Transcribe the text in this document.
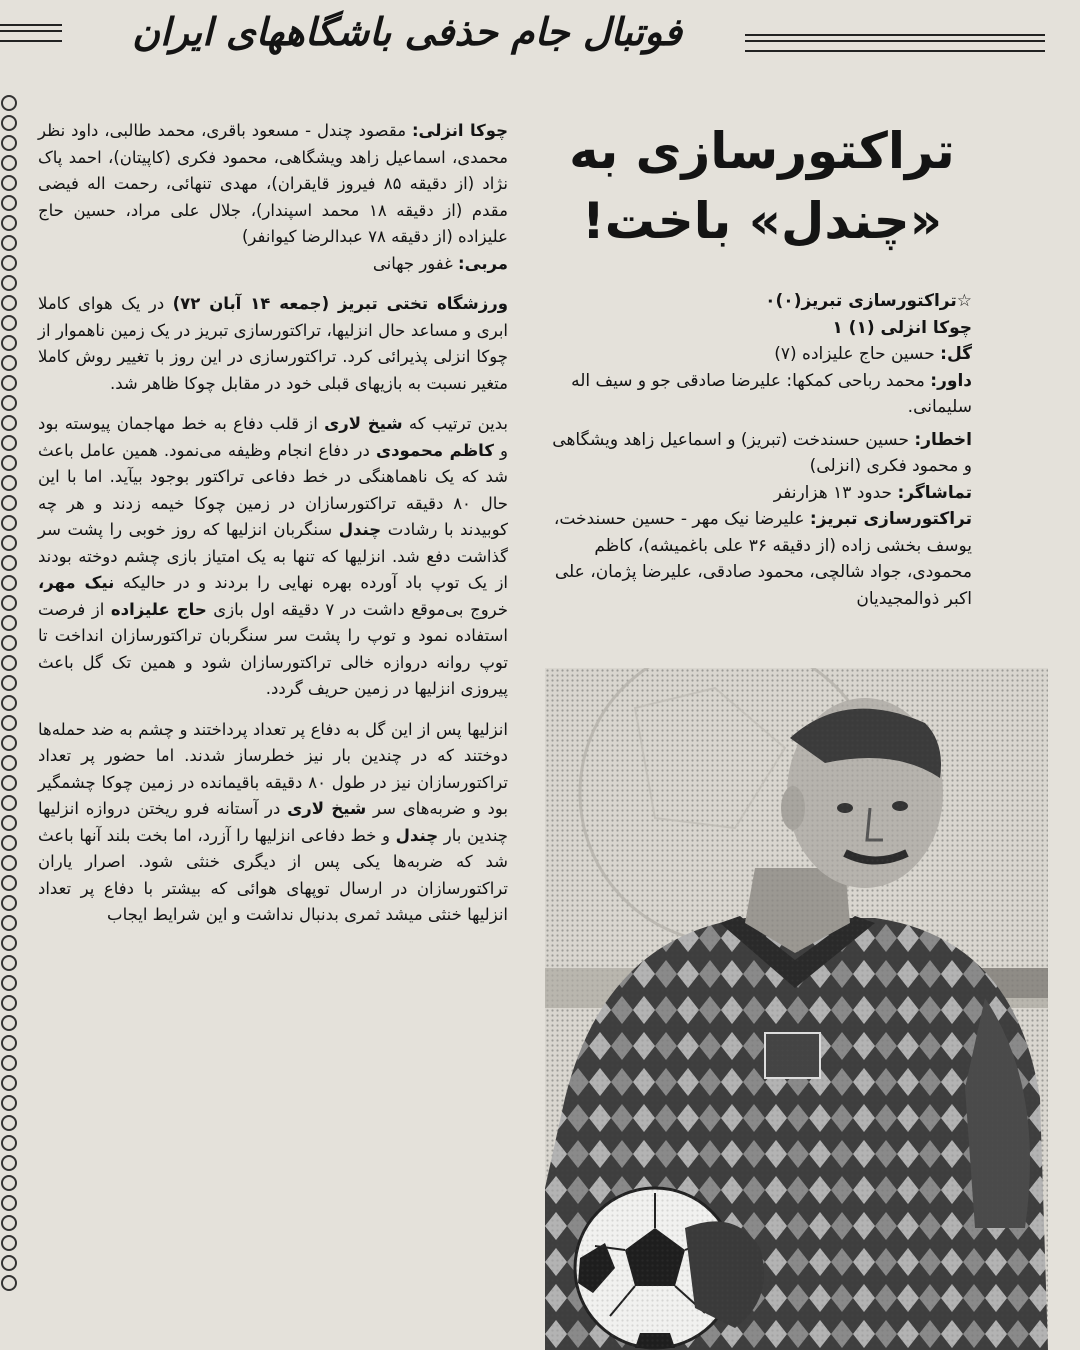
فوتبال جام حذفی باشگاههای ایران
تراکتورسازی به
«چندل» باخت!

☆تراکتورسازی تبریز(۰)۰

چوکا انزلی (۱) ۱

گل: حسین حاج علیزاده (۷)

داور: محمد رباحی کمکها: علیرضا صادقی جو و سیف اله سلیمانی.

اخطار: حسین حسندخت (تبریز) و اسماعیل زاهد ویشگاهی و محمود فکری (انزلی)

تماشاگر: حدود ۱۳ هزارنفر

تراکتورسازی تبریز: علیرضا نیک مهر - حسین حسندخت، یوسف بخشی زاده (از دقیقه ۳۶ علی باغمیشه)، کاظم محمودی، جواد شالچی، محمود صادقی، علیرضا پژمان، علی اکبر ذوالمجیدیان

چوکا انزلی: مقصود چندل - مسعود باقری، محمد طالبی، داود نظر محمدی، اسماعیل زاهد ویشگاهی، محمود فکری (کاپیتان)، احمد پاک نژاد (از دقیقه ۸۵ فیروز قایقران)، مهدی تنهائی، رحمت اله فیضی مقدم (از دقیقه ۱۸ محمد اسپندار)، جلال علی مراد، حسین حاج علیزاده (از دقیقه ۷۸ عبدالرضا کیوانفر)
مربی: غفور جهانی

ورزشگاه تختی تبریز (جمعه ۱۴ آبان ۷۲) در یک هوای کاملا ابری و مساعد حال انزلیها، تراکتورسازی تبریز در یک زمین ناهموار از چوکا انزلی پذیرائی کرد. تراکتورسازی در این روز با تغییر روش کاملا متغیر نسبت به بازیهای قبلی خود در مقابل چوکا ظاهر شد.

بدین ترتیب که شیخ لاری از قلب دفاع به خط مهاجمان پیوسته بود و کاظم محمودی در دفاع انجام وظیفه می‌نمود. همین عامل باعث شد که یک ناهماهنگی در خط دفاعی تراکتور بوجود بیآید. اما با این حال ۸۰ دقیقه تراکتورسازان در زمین چوکا خیمه زدند و هر چه کوبیدند با رشادت چندل سنگربان انزلیها که روز خوبی را پشت سر گذاشت دفع شد. انزلیها که تنها به یک امتیاز بازی چشم دوخته بودند از یک توپ باد آورده بهره نهایی را بردند و در حالیکه نیک مهر، خروج بی‌موقع داشت در ۷ دقیقه اول بازی حاج علیزاده از فرصت استفاده نمود و توپ را پشت سر سنگربان تراکتورسازان انداخت تا توپ روانه دروازه خالی تراکتورسازان شود و همین تک گل باعث پیروزی انزلیها در زمین حریف گردد.

انزلیها پس از این گل به دفاع پر تعداد پرداختند و چشم به ضد حمله‌ها دوختند که در چندین بار نیز خطرساز شدند. اما حضور پر تعداد تراکتورسازان نیز در طول ۸۰ دقیقه باقیمانده در زمین چوکا چشمگیر بود و ضربه‌های سر شیخ لاری در آستانه فرو ریختن دروازه انزلیها چندین بار چندل و خط دفاعی انزلیها را آزرد، اما بخت بلند آنها باعث شد که ضربه‌ها یکی پس از دیگری خنثی شود. اصرار یاران تراکتورسازان در ارسال توپهای هوائی که بیشتر با دفاع پر تعداد انزلیها خنثی میشد ثمری بدنبال نداشت و این شرایط ایجاب
